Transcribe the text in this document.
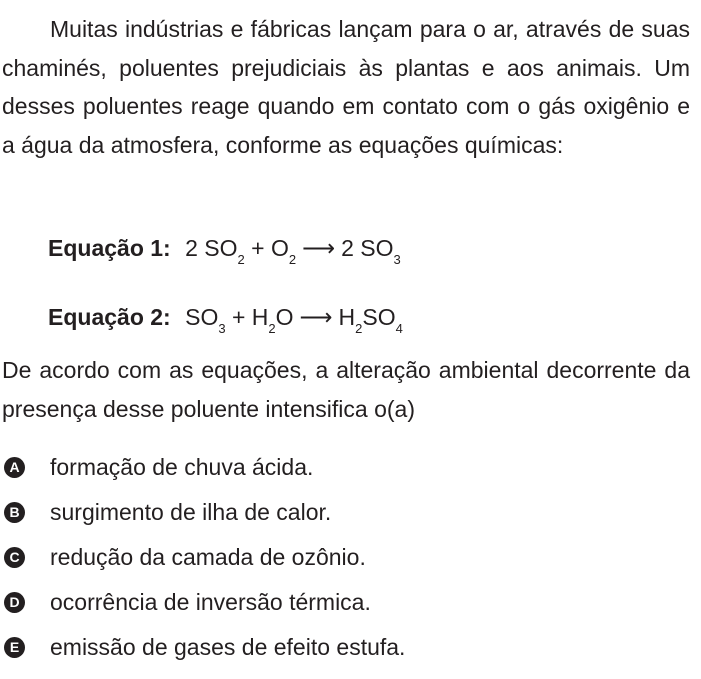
Muitas indústrias e fábricas lançam para o ar, através de suas chaminés, poluentes prejudiciais às plantas e aos animais. Um desses poluentes reage quando em contato com o gás oxigênio e a água da atmosfera, conforme as equações químicas:

Equação 1: 2 $SO_2 + O_2$ ⟶ 2 $SO_3$
Equação 2: $SO_3 + H_2O$ ⟶ $H_2SO_4$

De acordo com as equações, a alteração ambiental decorrente da presença desse poluente intensifica o(a)

A formação de chuva ácida.
B surgimento de ilha de calor.
C redução da camada de ozônio.
D ocorrência de inversão térmica.
E emissão de gases de efeito estufa.
